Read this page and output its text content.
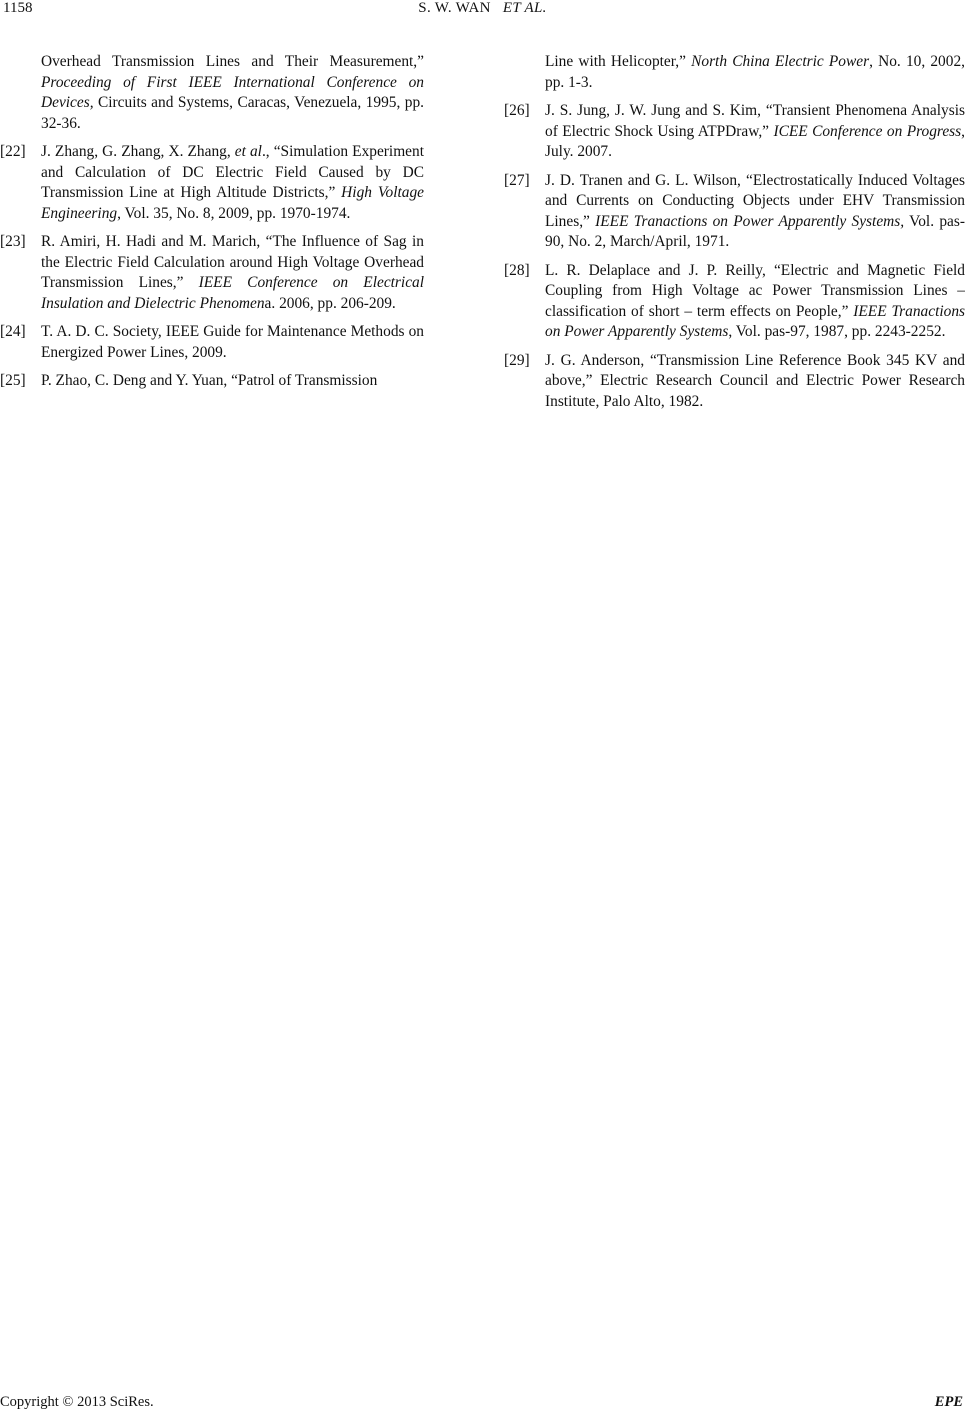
1158	S. W. WAN ET AL.
Overhead Transmission Lines and Their Measurement,” Proceeding of First IEEE International Conference on Devices, Circuits and Systems, Caracas, Venezuela, 1995, pp. 32-36.
[22] J. Zhang, G. Zhang, X. Zhang, et al., “Simulation Experiment and Calculation of DC Electric Field Caused by DC Transmission Line at High Altitude Districts,” High Voltage Engineering, Vol. 35, No. 8, 2009, pp. 1970-1974.
[23] R. Amiri, H. Hadi and M. Marich, “The Influence of Sag in the Electric Field Calculation around High Voltage Overhead Transmission Lines,” IEEE Conference on Electrical Insulation and Dielectric Phenomena. 2006, pp. 206-209.
[24] T. A. D. C. Society, IEEE Guide for Maintenance Methods on Energized Power Lines, 2009.
[25] P. Zhao, C. Deng and Y. Yuan, “Patrol of Transmission
Line with Helicopter,” North China Electric Power, No. 10, 2002, pp. 1-3.
[26] J. S. Jung, J. W. Jung and S. Kim, “Transient Phenomena Analysis of Electric Shock Using ATPDraw,” ICEE Conference on Progress, July. 2007.
[27] J. D. Tranen and G. L. Wilson, “Electrostatically Induced Voltages and Currents on Conducting Objects under EHV Transmission Lines,” IEEE Tranactions on Power Apparently Systems, Vol. pas-90, No. 2, March/April, 1971.
[28] L. R. Delaplace and J. P. Reilly, “Electric and Magnetic Field Coupling from High Voltage ac Power Transmission Lines – classification of short – term effects on People,” IEEE Tranactions on Power Apparently Systems, Vol. pas-97, 1987, pp. 2243-2252.
[29] J. G. Anderson, “Transmission Line Reference Book 345 KV and above,” Electric Research Council and Electric Power Research Institute, Palo Alto, 1982.
Copyright © 2013 SciRes.	EPE
